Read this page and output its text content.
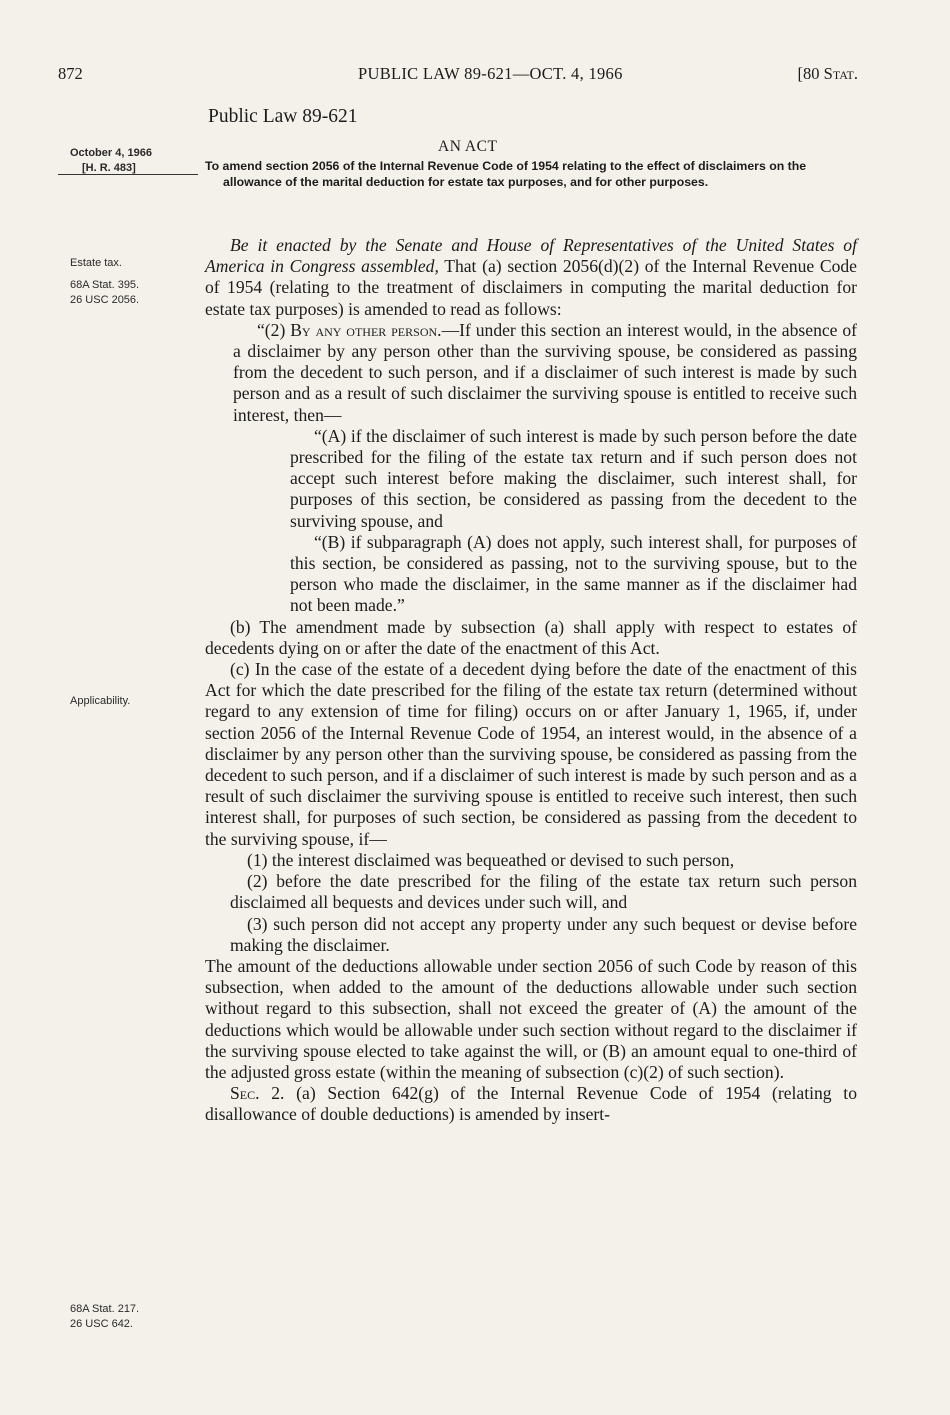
872	PUBLIC LAW 89-621—OCT. 4, 1966	[80 Stat.
Public Law 89-621
AN ACT
October 4, 1966
[H. R. 483]	To amend section 2056 of the Internal Revenue Code of 1954 relating to the effect of disclaimers on the allowance of the marital deduction for estate tax purposes, and for other purposes.

Estate tax.
68A Stat. 395.
26 USC 2056.
Applicability.
68A Stat. 217.
26 USC 642.

Be it enacted by the Senate and House of Representatives of the United States of America in Congress assembled, That (a) section 2056(d)(2) of the Internal Revenue Code of 1954 (relating to the treatment of disclaimers in computing the marital deduction for estate tax purposes) is amended to read as follows:

“(2) By any other person.—If under this section an interest would, in the absence of a disclaimer by any person other than the surviving spouse, be considered as passing from the decedent to such person, and if a disclaimer of such interest is made by such person and as a result of such disclaimer the surviving spouse is entitled to receive such interest, then—

“(A) if the disclaimer of such interest is made by such person before the date prescribed for the filing of the estate tax return and if such person does not accept such interest before making the disclaimer, such interest shall, for purposes of this section, be considered as passing from the decedent to the surviving spouse, and

“(B) if subparagraph (A) does not apply, such interest shall, for purposes of this section, be considered as passing, not to the surviving spouse, but to the person who made the disclaimer, in the same manner as if the disclaimer had not been made.”

(b) The amendment made by subsection (a) shall apply with respect to estates of decedents dying on or after the date of the enactment of this Act.

(c) In the case of the estate of a decedent dying before the date of the enactment of this Act for which the date prescribed for the filing of the estate tax return (determined without regard to any extension of time for filing) occurs on or after January 1, 1965, if, under section 2056 of the Internal Revenue Code of 1954, an interest would, in the absence of a disclaimer by any person other than the surviving spouse, be considered as passing from the decedent to such person, and if a disclaimer of such interest is made by such person and as a result of such disclaimer the surviving spouse is entitled to receive such interest, then such interest shall, for purposes of such section, be considered as passing from the decedent to the surviving spouse, if—

(1) the interest disclaimed was bequeathed or devised to such person,

(2) before the date prescribed for the filing of the estate tax return such person disclaimed all bequests and devices under such will, and

(3) such person did not accept any property under any such bequest or devise before making the disclaimer.

The amount of the deductions allowable under section 2056 of such Code by reason of this subsection, when added to the amount of the deductions allowable under such section without regard to this subsection, shall not exceed the greater of (A) the amount of the deductions which would be allowable under such section without regard to the disclaimer if the surviving spouse elected to take against the will, or (B) an amount equal to one-third of the adjusted gross estate (within the meaning of subsection (c)(2) of such section).

Sec. 2. (a) Section 642(g) of the Internal Revenue Code of 1954 (relating to disallowance of double deductions) is amended by insert-
